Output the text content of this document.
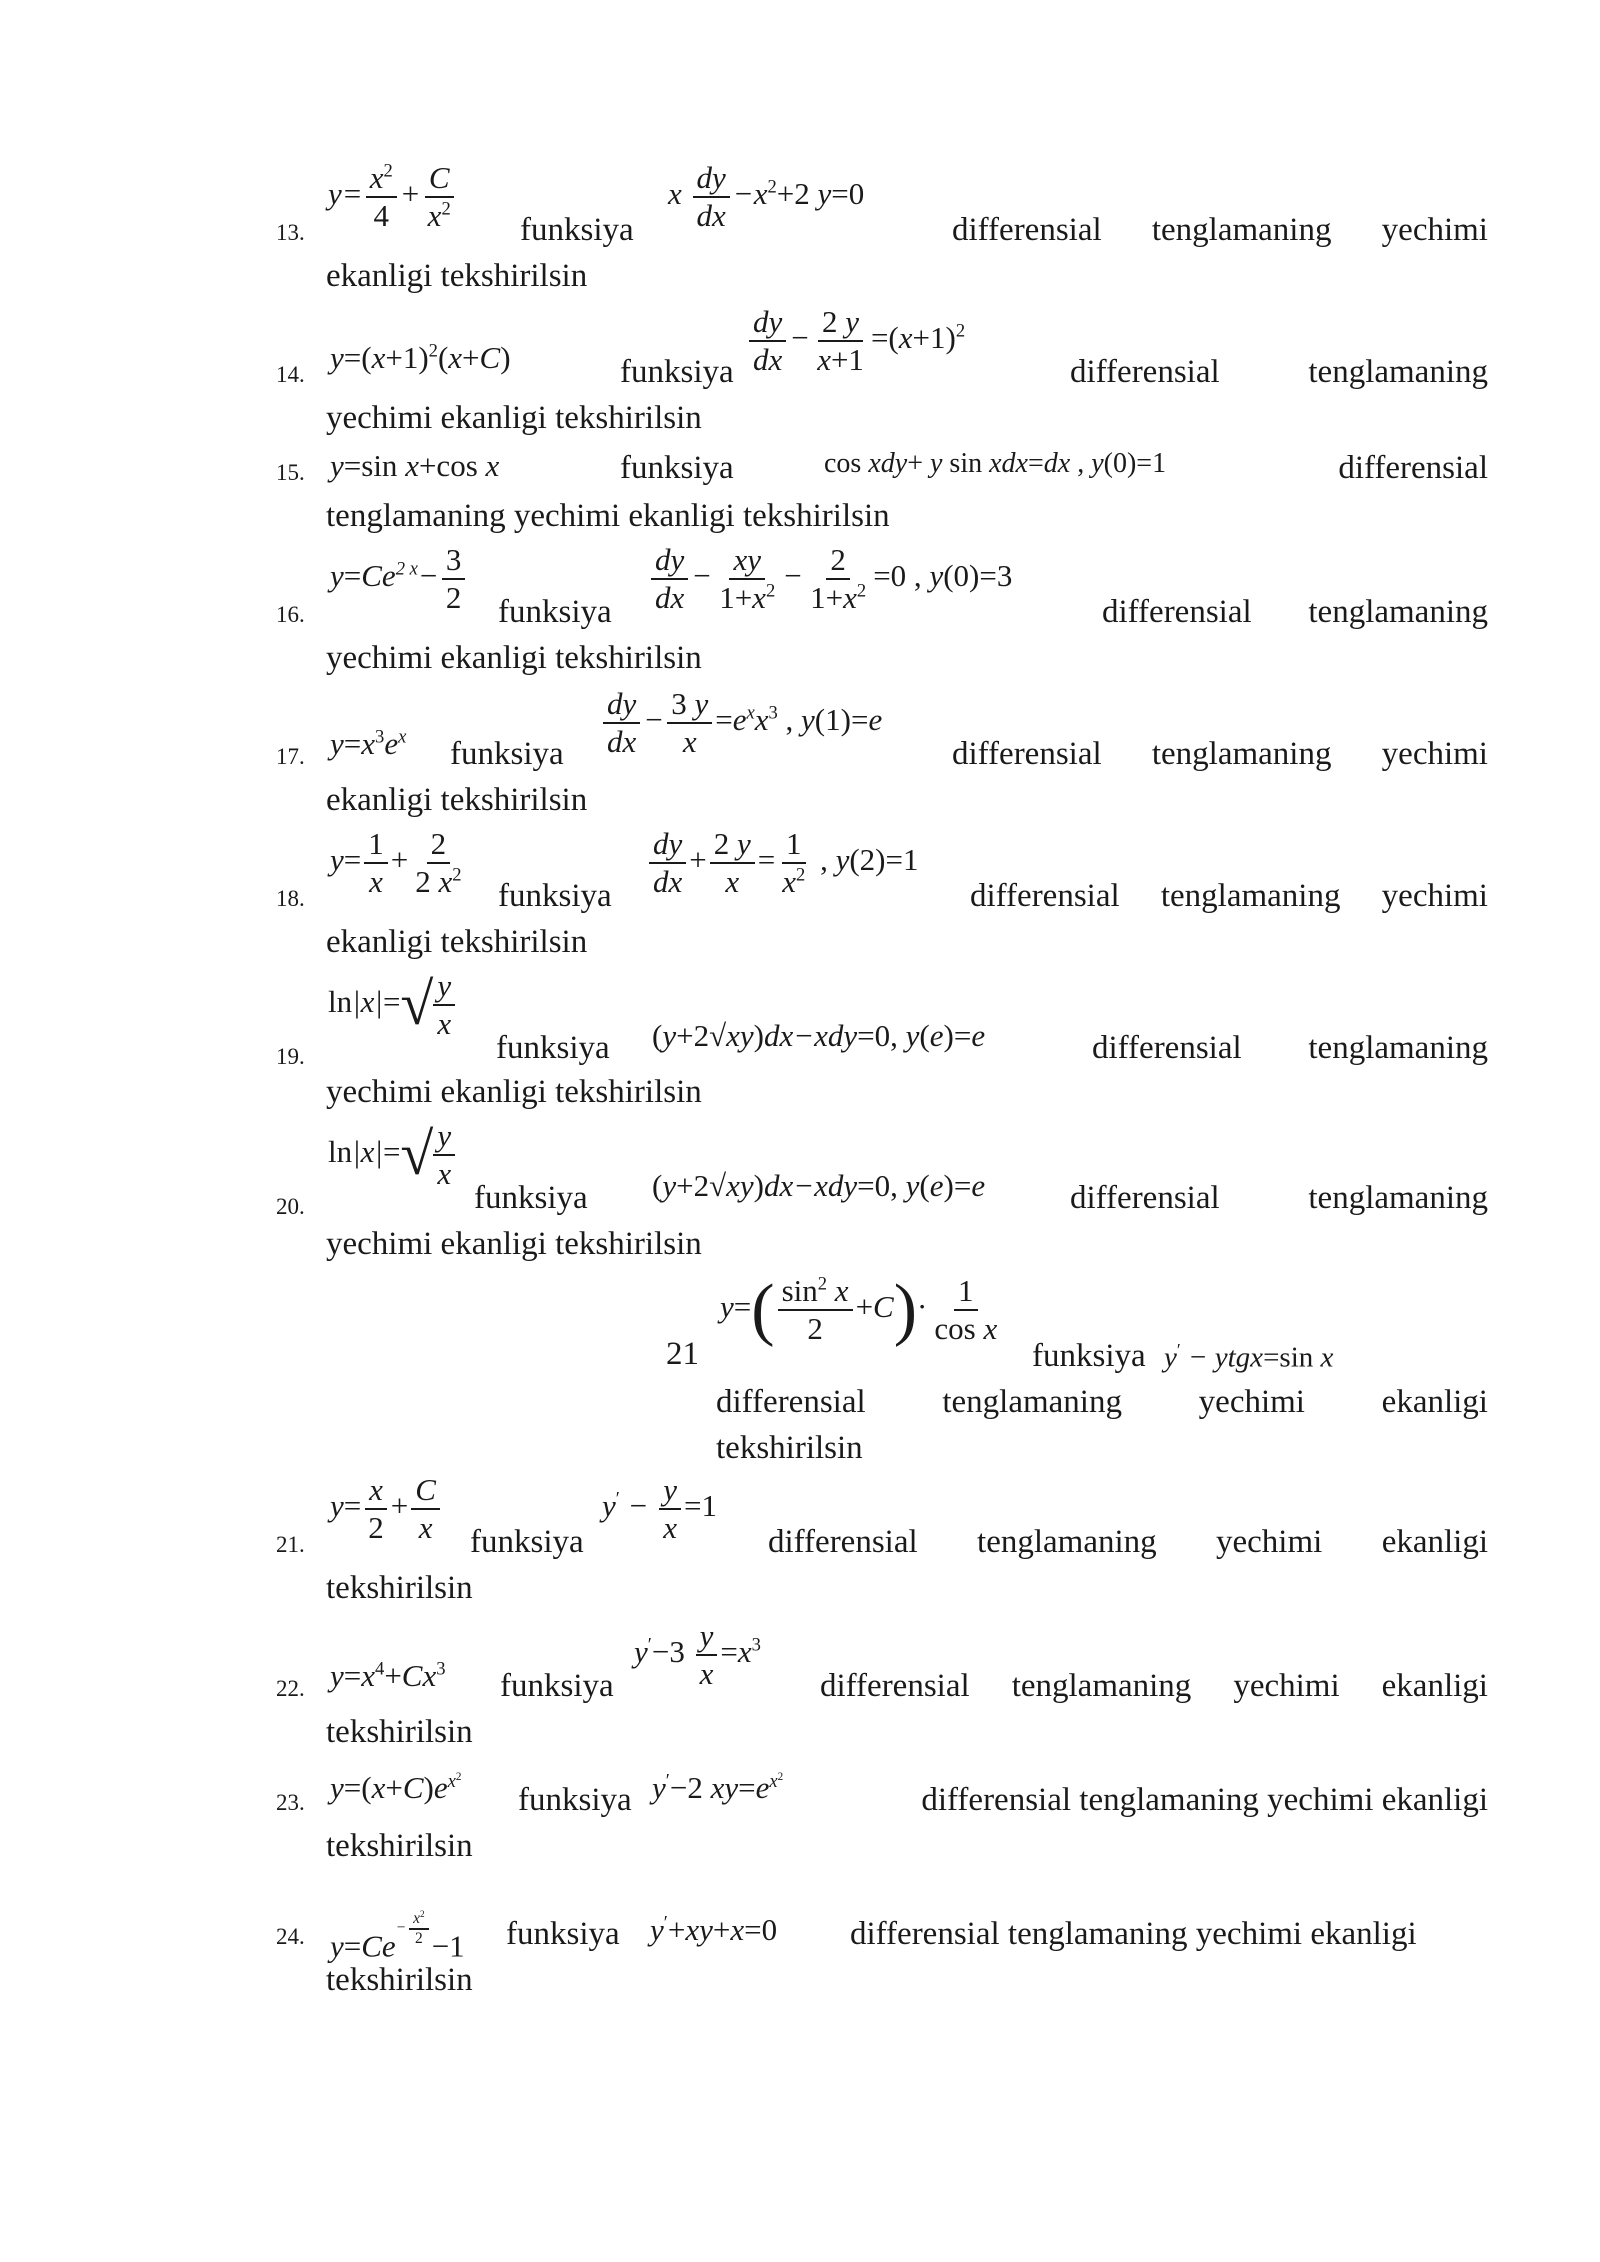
13.
$y= \frac{x^2}{4} + \frac{C}{x^2}$ funksiya
x $\frac{dy}{dx} -x^2+2$ y=0
differensial tenglamaning yechimi
ekanligi tekshirilsin
14. $y=(x+1)^2(x+C)$	funksiya $\frac{dy}{dx} - \frac{2 y}{x+1} =(x+1)^2$
differensial	tenglamaning
yechimi ekanligi tekshirilsin
15. y=sin x+cos x	funksiya	cos xdy+ y sin xdx=dx , y(0)=1	differensial
tenglamaning yechimi ekanligi tekshirilsin
16.
$y=Ce^{2 x}- \frac{3}{2}$ funksiya $\frac{dy}{dx} - \frac{xy}{1+x^2} - \frac{2}{1+x^2} =0$ , y(0)=3
differensial tenglamaning
yechimi ekanligi tekshirilsin
17. $y=x^3e^x$ funksiya $\frac{dy}{dx} - \frac{3 y}{x} =e^xx^3$ , y(1)=e
differensial tenglamaning yechimi
ekanligi tekshirilsin
18.
$y= \frac{1}{x} + \frac{2}{2 x^2}$ funksiya $\frac{dy}{dx} + \frac{2 y}{x} = \frac{1}{x^2}$ , y(2)=1
differensial tenglamaning yechimi
ekanligi tekshirilsin
19.
$\ln|x|=√ \frac{y}{x}$
funksiya (y+2√xy)dx−xdy=0, y(e)=e	differensial tenglamaning
yechimi ekanligi tekshirilsin
20.
$\ln|x|=√ \frac{y}{x}$
funksiya (y+2√xy)dx−xdy=0, y(e)=e	differensial	tenglamaning
yechimi ekanligi tekshirilsin
21
$y=( \frac{\sin^2 x}{2} +C)\cdot \frac{1}{\text{cos x}}$
funksiya y′ − ytgx=sin x
differensial tenglamaning yechimi ekanligi
tekshirilsin
21.
$y= \frac{x}{2} + \frac{C}{x}$ funksiya
$y' - \frac{y}{x} =1$
differensial tenglamaning yechimi ekanligi
tekshirilsin
22. $y=x^4+Cx^3$ funksiya
$y'-3 \frac{y}{x} =x^3$
differensial tenglamaning yechimi ekanligi
tekshirilsin
23. $y=(x+C)e^{x^2}$
funksiya y′−2 $xy=e^{x^2}$
differensial tenglamaning yechimi ekanligi
tekshirilsin
24. $y=Ce^{- \frac{x^2}{2}} -1$ funksiya y′+xy+x=0 differensial tenglamaning yechimi ekanligi
tekshirilsin
